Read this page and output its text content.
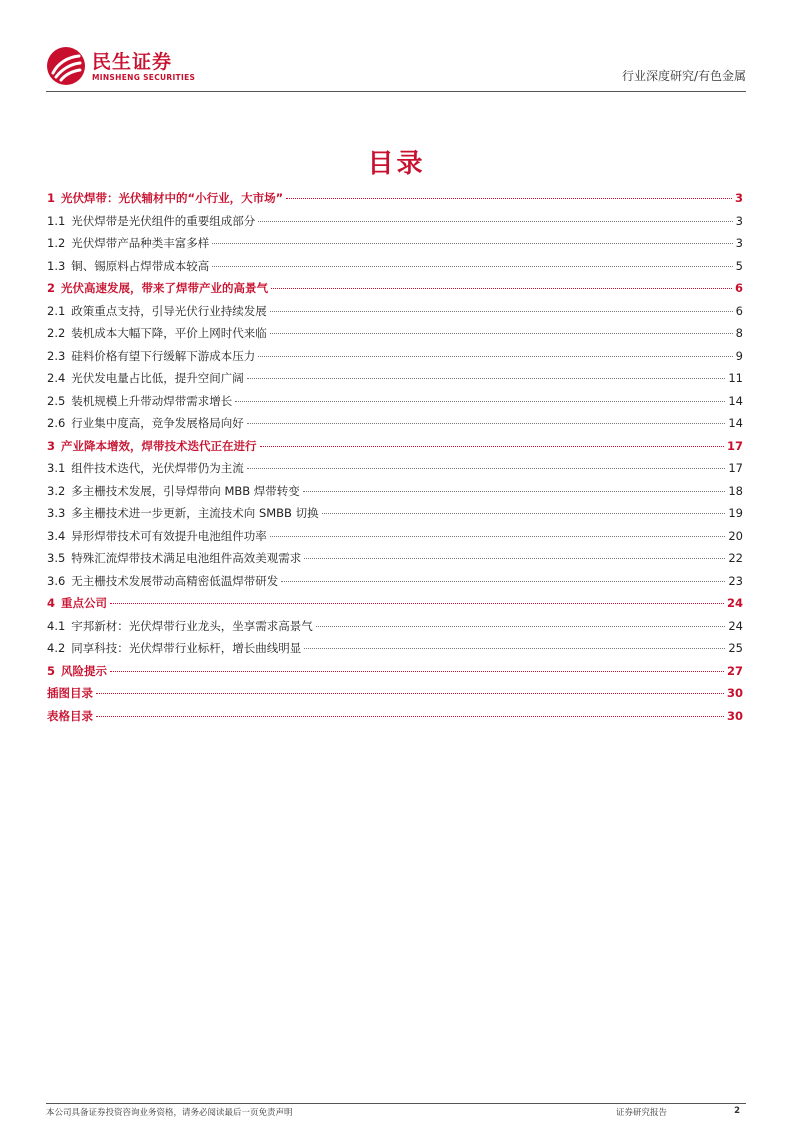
民生证券
MINSHENG SECURITIES	行业深度研究/有色金属
目录
1 光伏焊带：光伏辅材中的“小行业，大市场”	3
1.1 光伏焊带是光伏组件的重要组成部分	3
1.2 光伏焊带产品种类丰富多样	3
1.3 铜、锡原料占焊带成本较高	5
2 光伏高速发展，带来了焊带产业的高景气	6
2.1 政策重点支持，引导光伏行业持续发展	6
2.2 装机成本大幅下降，平价上网时代来临	8
2.3 硅料价格有望下行缓解下游成本压力	9
2.4 光伏发电量占比低，提升空间广阔	11
2.5 装机规模上升带动焊带需求增长	14
2.6 行业集中度高，竞争发展格局向好	14
3 产业降本增效，焊带技术迭代正在进行	17
3.1 组件技术迭代，光伏焊带仍为主流	17
3.2 多主栅技术发展，引导焊带向 MBB 焊带转变	18
3.3 多主栅技术进一步更新，主流技术向 SMBB 切换	19
3.4 异形焊带技术可有效提升电池组件功率	20
3.5 特殊汇流焊带技术满足电池组件高效美观需求	22
3.6 无主栅技术发展带动高精密低温焊带研发	23
4 重点公司	24
4.1 宇邦新材：光伏焊带行业龙头，坐享需求高景气	24
4.2 同享科技：光伏焊带行业标杆，增长曲线明显	25
5 风险提示	27
插图目录	30
表格目录	30
本公司具备证券投资咨询业务资格，请务必阅读最后一页免责声明	证券研究报告	2
